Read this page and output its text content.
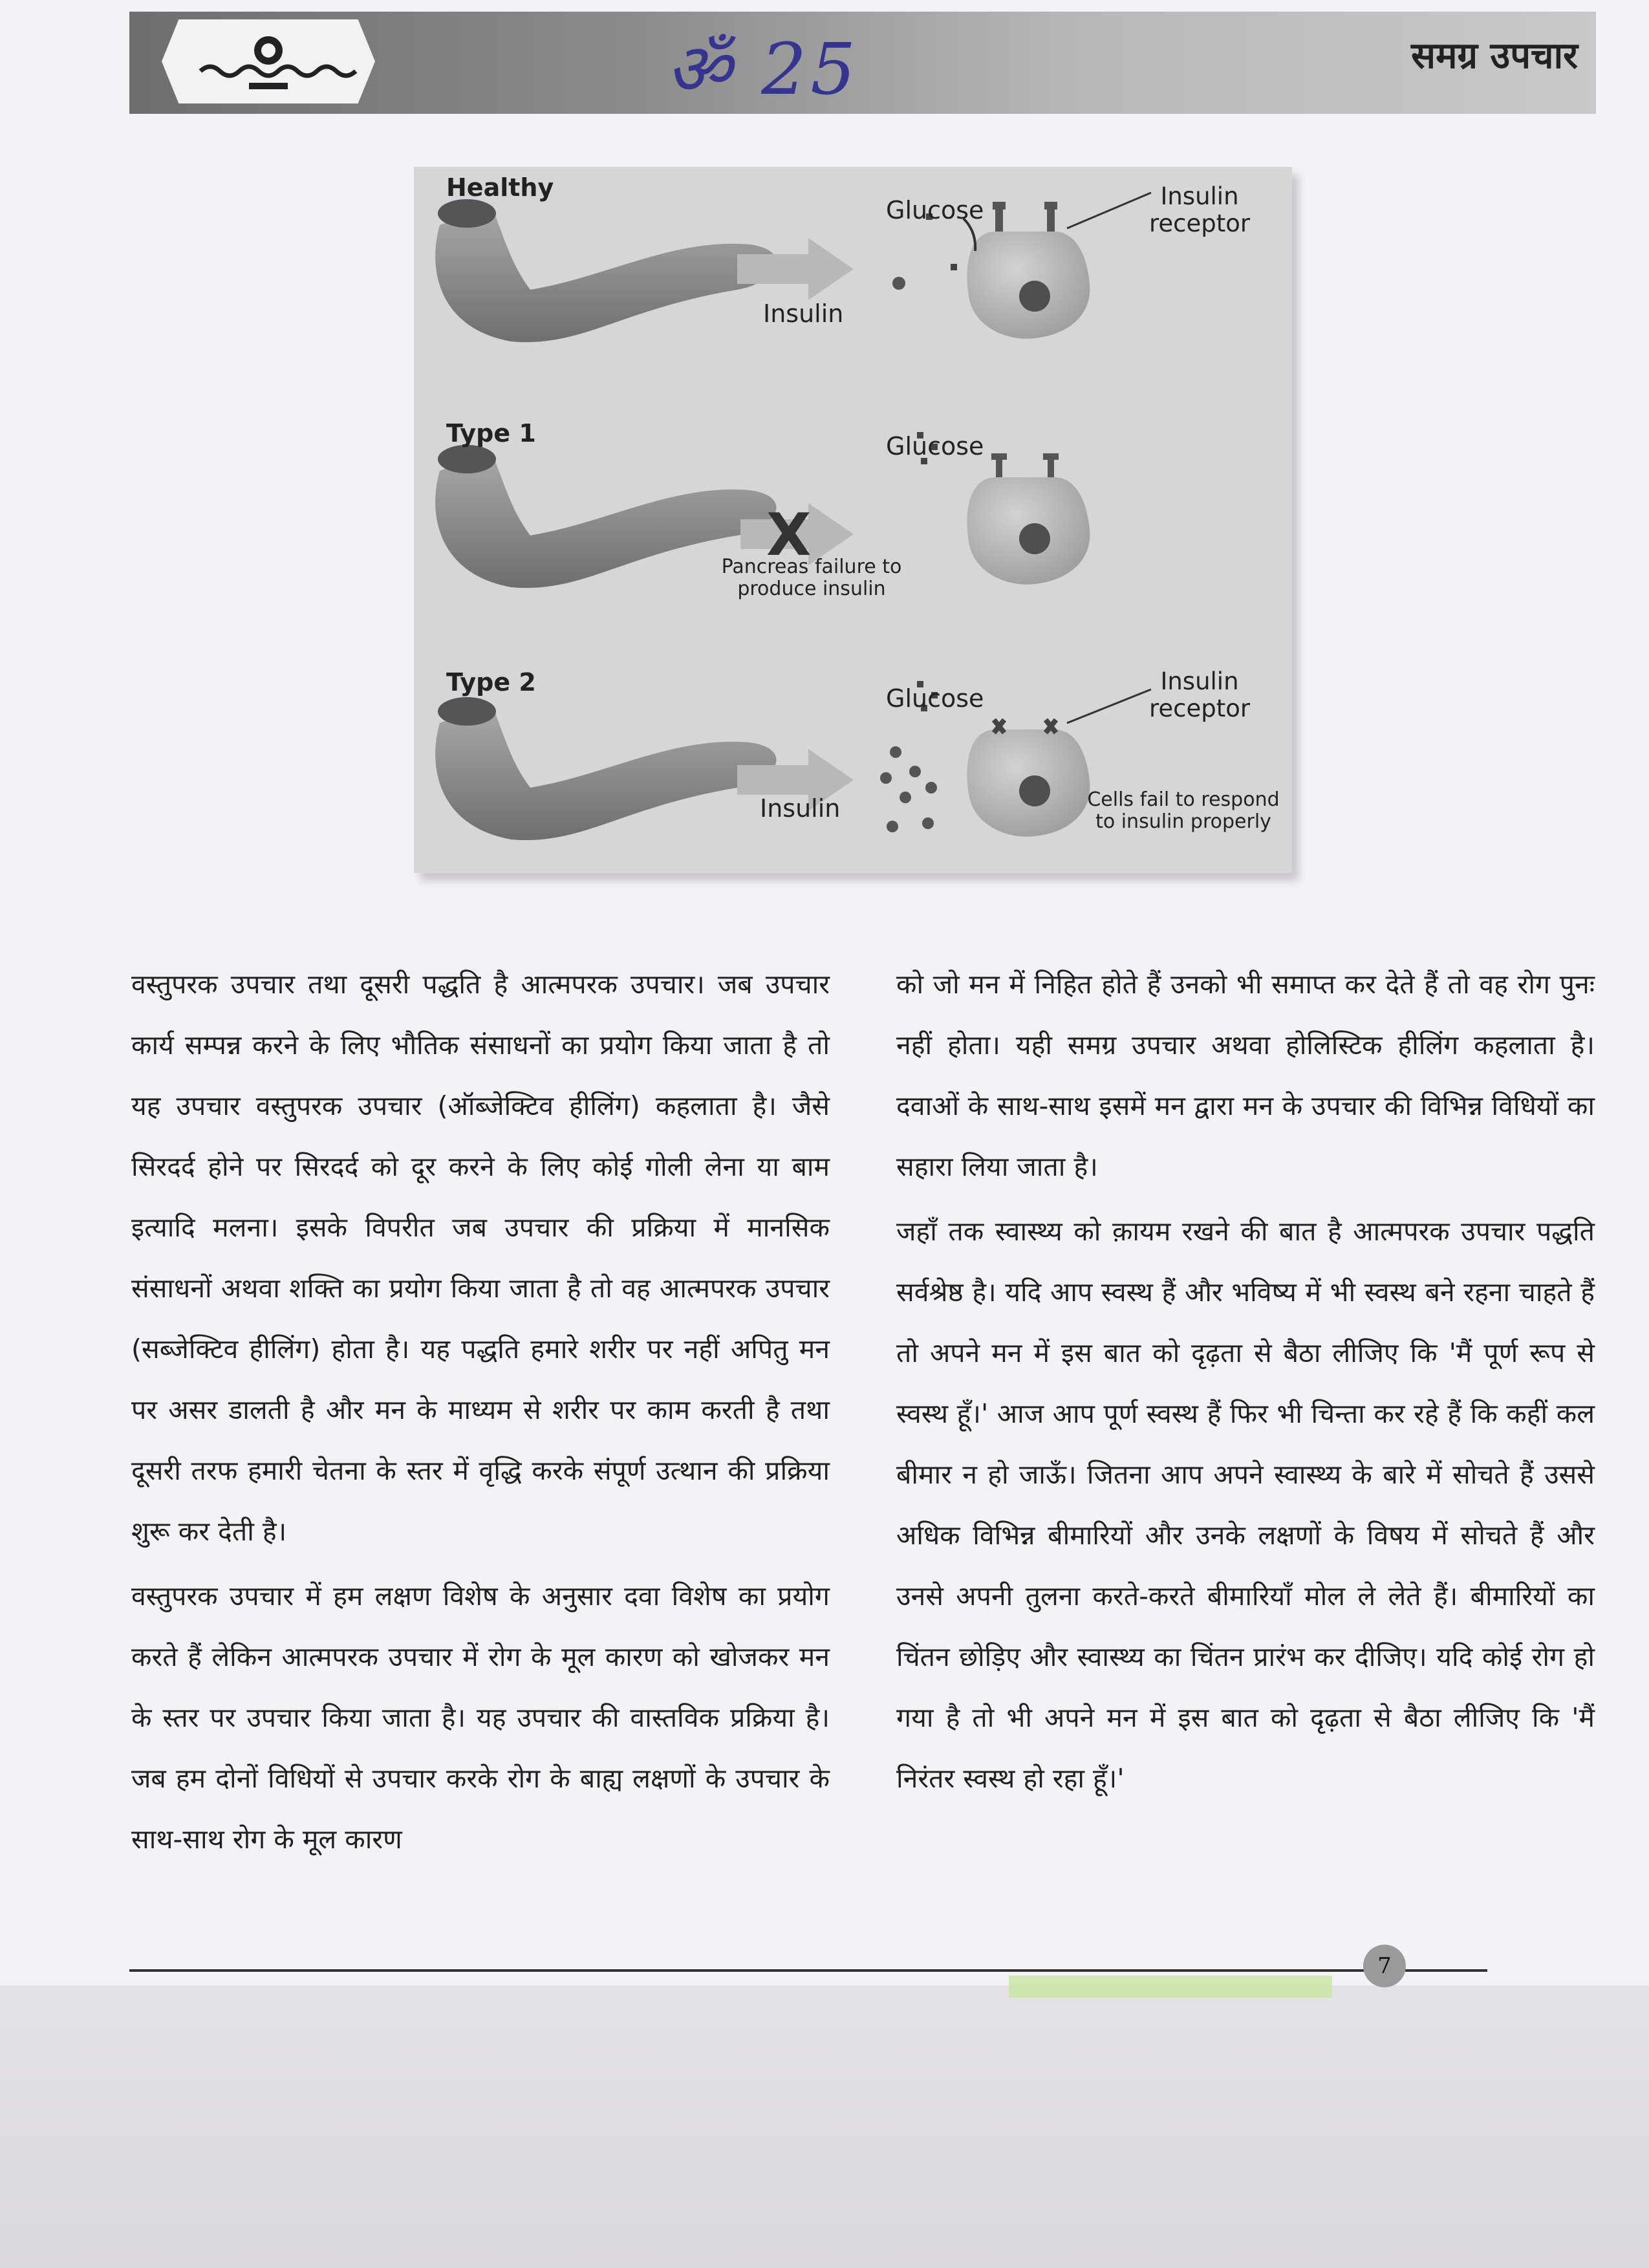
ॐ 25	समग्र उपचार
X
Healthy
Glucose
Insulin
Insulin receptor
Type 1	Glucose
Pancreas failure to produce insulin
Type 2
Glucose
Insulin
Insulin receptor
Cells fail to respond to insulin properly

वस्तुपरक उपचार तथा दूसरी पद्धति है आत्मपरक उपचार। जब उपचार कार्य सम्पन्न करने के लिए भौतिक संसाधनों का प्रयोग किया जाता है तो यह उपचार वस्तुपरक उपचार (ऑब्जेक्टिव हीलिंग) कहलाता है। जैसे सिरदर्द होने पर सिरदर्द को दूर करने के लिए कोई गोली लेना या बाम इत्यादि मलना। इसके विपरीत जब उपचार की प्रक्रिया में मानसिक संसाधनों अथवा शक्ति का प्रयोग किया जाता है तो वह आत्मपरक उपचार (सब्जेक्टिव हीलिंग) होता है। यह पद्धति हमारे शरीर पर नहीं अपितु मन पर असर डालती है और मन के माध्यम से शरीर पर काम करती है तथा दूसरी तरफ हमारी चेतना के स्तर में वृद्धि करके संपूर्ण उत्थान की प्रक्रिया शुरू कर देती है।

वस्तुपरक उपचार में हम लक्षण विशेष के अनुसार दवा विशेष का प्रयोग करते हैं लेकिन आत्मपरक उपचार में रोग के मूल कारण को खोजकर मन के स्तर पर उपचार किया जाता है। यह उपचार की वास्तविक प्रक्रिया है। जब हम दोनों विधियों से उपचार करके रोग के बाह्य लक्षणों के उपचार के साथ-साथ रोग के मूल कारण

को जो मन में निहित होते हैं उनको भी समाप्त कर देते हैं तो वह रोग पुनः नहीं होता। यही समग्र उपचार अथवा होलिस्टिक हीलिंग कहलाता है। दवाओं के साथ-साथ इसमें मन द्वारा मन के उपचार की विभिन्न विधियों का सहारा लिया जाता है।

जहाँ तक स्वास्थ्य को क़ायम रखने की बात है आत्मपरक उपचार पद्धति सर्वश्रेष्ठ है। यदि आप स्वस्थ हैं और भविष्य में भी स्वस्थ बने रहना चाहते हैं तो अपने मन में इस बात को दृढ़ता से बैठा लीजिए कि 'मैं पूर्ण रूप से स्वस्थ हूँ।' आज आप पूर्ण स्वस्थ हैं फिर भी चिन्ता कर रहे हैं कि कहीं कल बीमार न हो जाऊँ। जितना आप अपने स्वास्थ्य के बारे में सोचते हैं उससे अधिक विभिन्न बीमारियों और उनके लक्षणों के विषय में सोचते हैं और उनसे अपनी तुलना करते-करते बीमारियाँ मोल ले लेते हैं। बीमारियों का चिंतन छोड़िए और स्वास्थ्य का चिंतन प्रारंभ कर दीजिए। यदि कोई रोग हो गया है तो भी अपने मन में इस बात को दृढ़ता से बैठा लीजिए कि 'मैं निरंतर स्वस्थ हो रहा हूँ।'

7
